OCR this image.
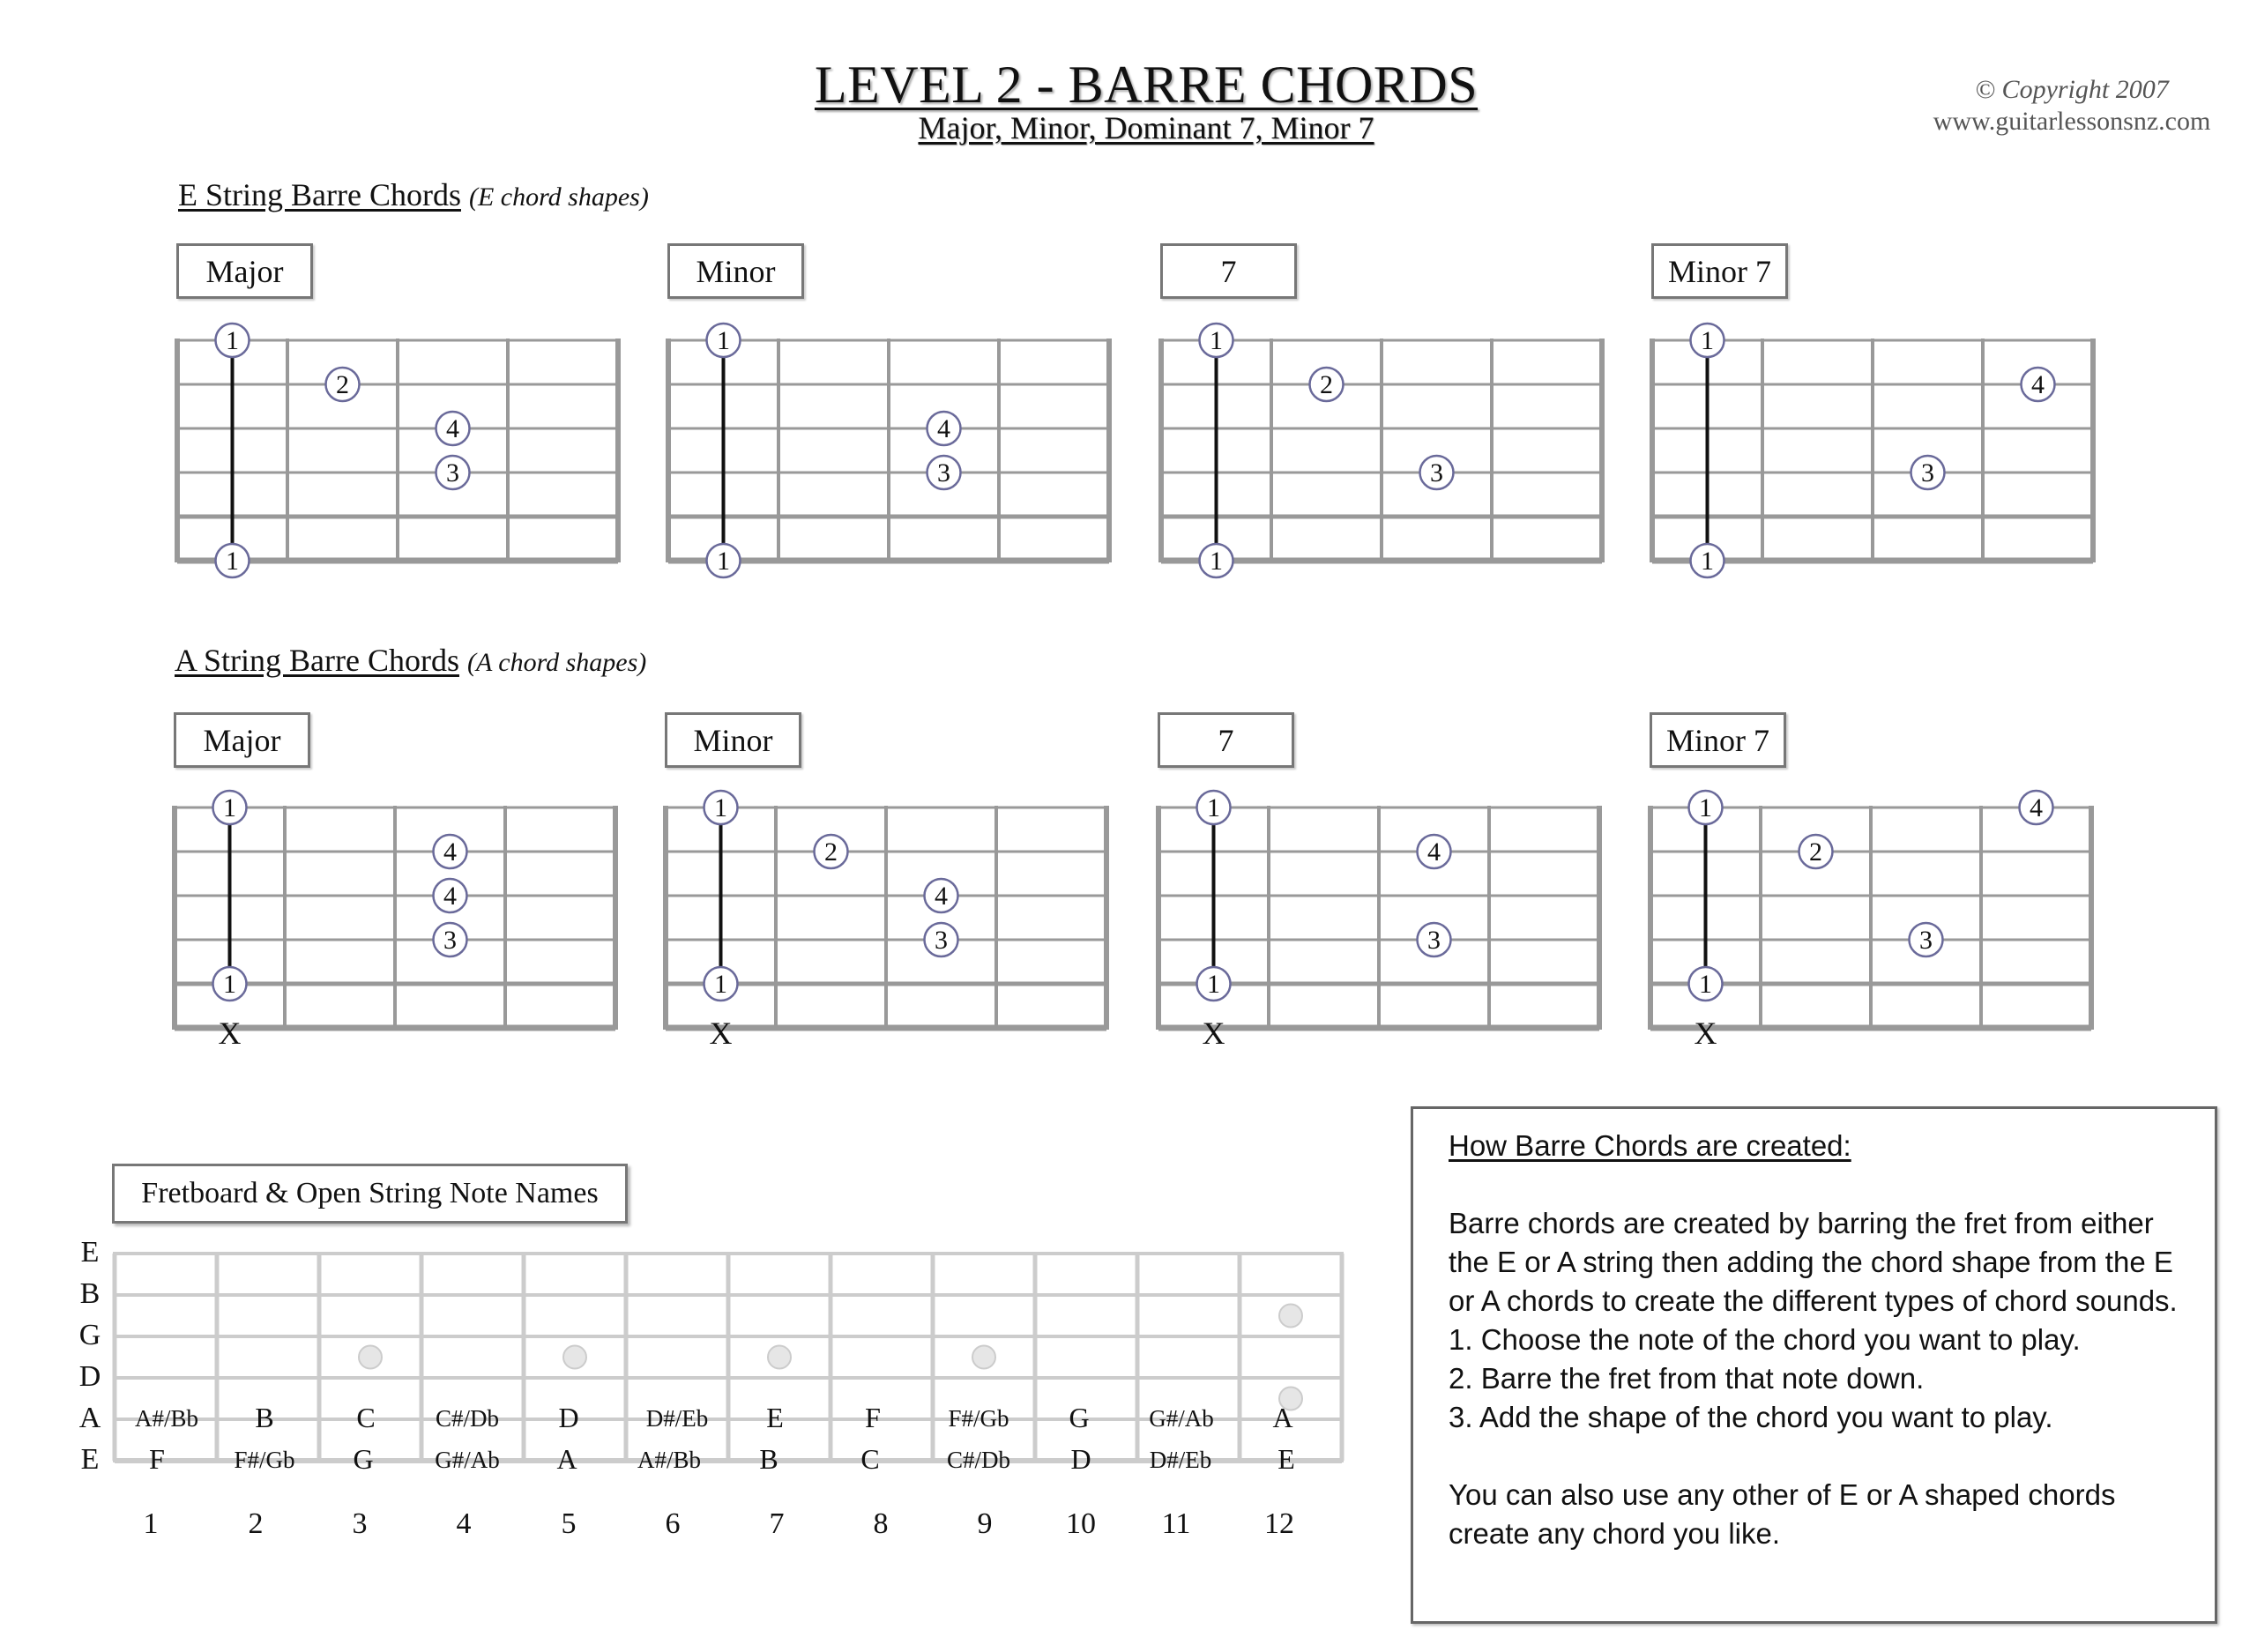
LEVEL 2 - BARRE CHORDS
Major, Minor, Dominant 7, Minor 7
© Copyright 2007
www.guitarlessonsnz.com
E String Barre Chords (E chord shapes)
Major	Minor	7	Minor 7
1
1
2
4
3
1
1
4
3
1
1
2
3
1
1
4
3
A String Barre Chords (A chord shapes)
Major	Minor	7	Minor 7
1
1
4
4
3
X
1
1
2
4
3
X
1
1
4
3
X
1
1
4
2
3
X
Fretboard & Open String Note Names
E
B
G
D
A
E
A#/Bb	B	C	C#/Db	D	D#/Eb	E	F	F#/Gb	G	G#/Ab	A
F	F#/Gb	G	G#/Ab	A	A#/Bb	B	C	C#/Db	D	D#/Eb	E
1	2	3	4	5	6	7	8	9	10	11	12
How Barre Chords are created:

Barre chords are created by barring the fret from either the E or A string then adding the chord shape from the E or A chords to create the different types of chord sounds.

1. Choose the note of the chord you want to play.

2. Barre the fret from that note down.

3. Add the shape of the chord you want to play.

You can also use any other of E or A shaped chords create any chord you like.
